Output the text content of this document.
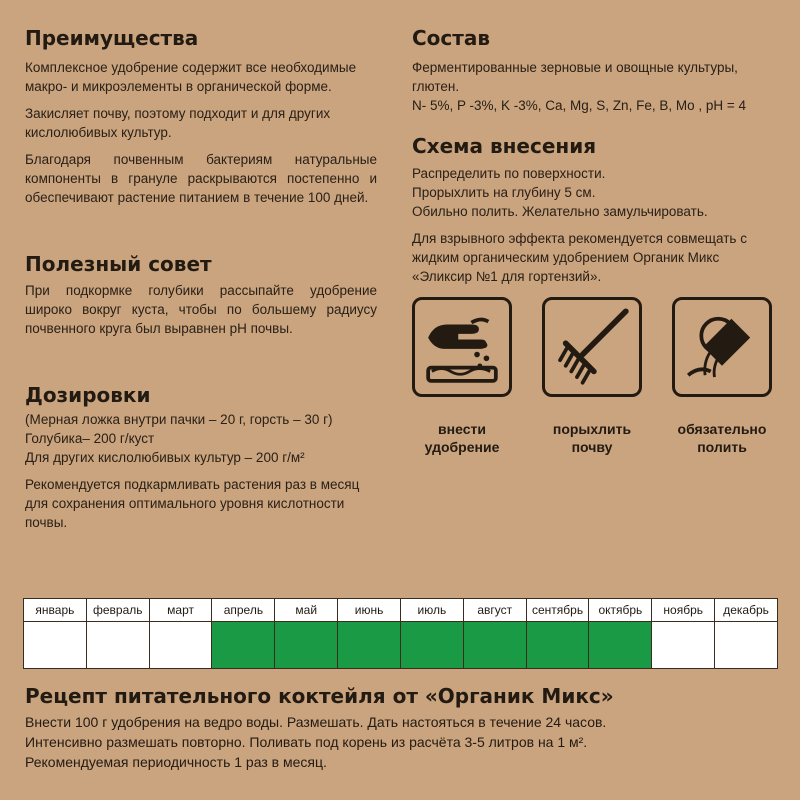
Преимущества

Комплексное удобрение содержит все необходимые макро- и микроэлементы в органической форме.

Закисляет почву, поэтому подходит и для других кислолюбивых культур.

Благодаря почвенным бактериям натуральные компоненты в грануле раскрываются постепенно и обеспечивают растение питанием в течение 100 дней.

Полезный совет
При подкормке голубики рассыпайте удобрение широко вокруг куста, чтобы по большему радиусу почвенного круга был выравнен pH почвы.
Дозировки

(Мерная ложка внутри пачки – 20 г, горсть – 30 г)

Голубика– 200 г/куст

Для других кислолюбивых культур – 200 г/м²

Рекомендуется подкармливать растения раз в месяц для сохранения оптимального уровня кислотности почвы.

Состав

Ферментированные зерновые и овощные культуры, глютен.

N- 5%, P -3%, K -3%, Ca, Mg, S, Zn, Fe, B, Mo , pH = 4

Схема внесения

Распределить по поверхности.

Прорыхлить на глубину 5 см.

Обильно полить. Желательно замульчировать.

Для взрывного эффекта рекомендуется совмещать с жидким органическим удобрением Органик Микс «Эликсир №1 для гортензий».

внести
удобрение
порыхлить
почву
обязательно
полить
январь	февраль	март	апрель	май	июнь	июль	август	сентябрь	октябрь	ноябрь	декабрь

Рецепт питательного коктейля от «Органик Микс»

Внести 100 г удобрения на ведро воды. Размешать. Дать настояться в течение 24 часов.

Интенсивно размешать повторно. Поливать под корень из расчёта 3-5 литров на 1 м².

Рекомендуемая периодичность 1 раз в месяц.
